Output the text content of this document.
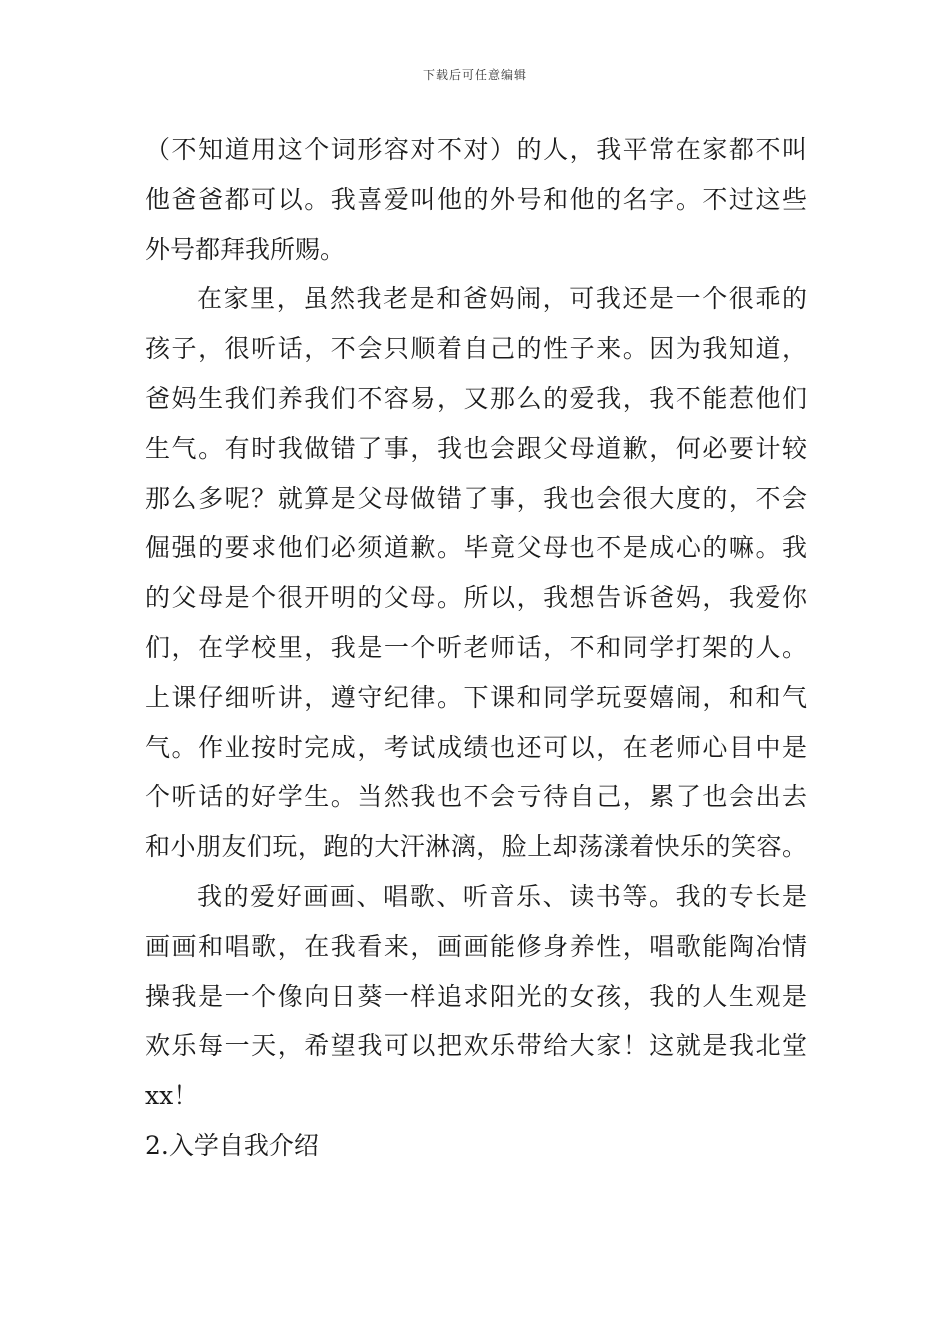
下载后可任意编辑
（不知道用这个词形容对不对）的人，我平常在家都不叫
他爸爸都可以。我喜爱叫他的外号和他的名字。不过这些
外号都拜我所赐。
在家里，虽然我老是和爸妈闹，可我还是一个很乖的
孩子，很听话，不会只顺着自己的性子来。因为我知道，
爸妈生我们养我们不容易，又那么的爱我，我不能惹他们
生气。有时我做错了事，我也会跟父母道歉，何必要计较
那么多呢？就算是父母做错了事，我也会很大度的，不会
倔强的要求他们必须道歉。毕竟父母也不是成心的嘛。我
的父母是个很开明的父母。所以，我想告诉爸妈，我爱你
们，在学校里，我是一个听老师话，不和同学打架的人。
上课仔细听讲，遵守纪律。下课和同学玩耍嬉闹，和和气
气。作业按时完成，考试成绩也还可以，在老师心目中是
个听话的好学生。当然我也不会亏待自己，累了也会出去
和小朋友们玩，跑的大汗淋漓，脸上却荡漾着快乐的笑容。
我的爱好画画、唱歌、听音乐、读书等。我的专长是
画画和唱歌，在我看来，画画能修身养性，唱歌能陶冶情
操我是一个像向日葵一样追求阳光的女孩，我的人生观是
欢乐每一天，希望我可以把欢乐带给大家！这就是我北堂
xx！
2.入学自我介绍
